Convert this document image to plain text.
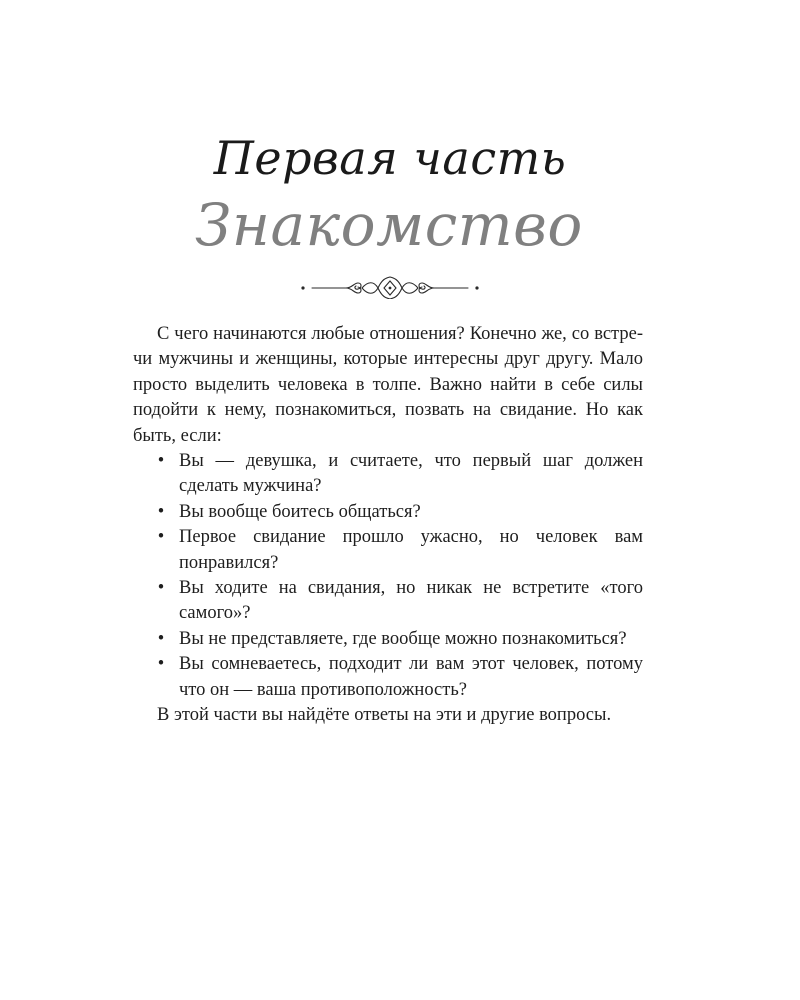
Первая часть
Знакомство

С чего начинаются любые отношения? Конечно же, со встречи мужчины и женщины, которые интересны друг другу. Мало просто выделить человека в толпе. Важно найти в себе силы подойти к нему, познакомиться, позвать на свидание. Но как быть, если:

• Вы — девушка, и считаете, что первый шаг должен сделать мужчина?
• Вы вообще боитесь общаться?
• Первое свидание прошло ужасно, но человек вам понравился?
• Вы ходите на свидания, но никак не встретите «того самого»?
• Вы не представляете, где вообще можно познакомиться?
• Вы сомневаетесь, подходит ли вам этот человек, потому что он — ваша противоположность?

В этой части вы найдёте ответы на эти и другие вопросы.
